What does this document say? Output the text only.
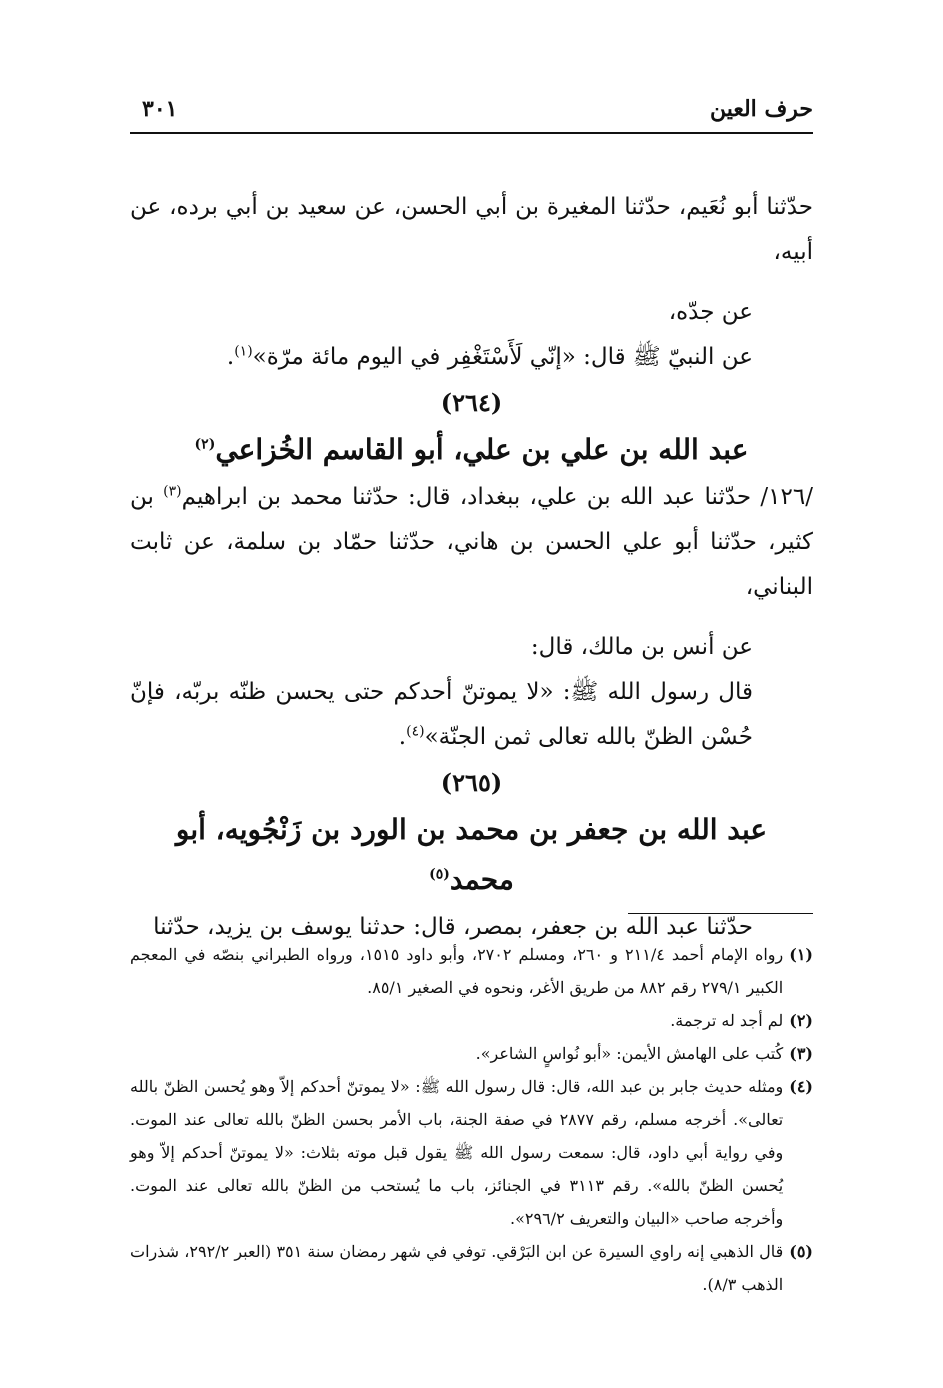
حرف العين
٣٠١

حدّثنا أبو نُعَيم، حدّثنا المغيرة بن أبي الحسن، عن سعيد بن أبي برده، عن أبيه،

عن جدّه،

عن النبيّ ﷺ قال: «إنّي لَأَسْتَغْفِر في اليوم مائة مرّة»$^{(١)}$.

(٢٦٤)

عبد الله بن علي بن علي، أبو القاسم الخُزاعي$^{(٢)}$

/١٢٦/ حدّثنا عبد الله بن علي، ببغداد، قال: حدّثنا محمد بن ابراهيم$^{(٣)}$ بن كثير، حدّثنا أبو علي الحسن بن هاني، حدّثنا حمّاد بن سلمة، عن ثابت البناني،

عن أنس بن مالك، قال:

قال رسول الله ﷺ: «لا يموتنّ أحدكم حتى يحسن ظنّه بربّه، فإنّ حُسْن الظنّ بالله تعالى ثمن الجنّة»$^{(٤)}$.

(٢٦٥)

عبد الله بن جعفر بن محمد بن الورد بن زَنْجُويه، أبو محمد$^{(٥)}$

حدّثنا عبد الله بن جعفر، بمصر، قال: حدثنا يوسف بن يزيد، حدّثنا

(١)
رواه الإمام أحمد ٢١١/٤ و ٢٦٠، ومسلم ٢٧٠٢، وأبو داود ١٥١٥، ورواه الطبراني بنصّه في المعجم الكبير ٢٧٩/١ رقم ٨٨٢ من طريق الأغر، ونحوه في الصغير ٨٥/١.

(٢)
لم أجد له ترجمة.

(٣)
كُتب على الهامش الأيمن: «أبو نُواسٍ الشاعر».

(٤)
ومثله حديث جابر بن عبد الله، قال: قال رسول الله ﷺ: «لا يموتنّ أحدكم إلاّ وهو يُحسن الظنّ بالله تعالى». أخرجه مسلم، رقم ٢٨٧٧ في صفة الجنة، باب الأمر بحسن الظنّ بالله تعالى عند الموت. وفي رواية أبي داود، قال: سمعت رسول الله ﷺ يقول قبل موته بثلاث: «لا يموتنّ أحدكم إلاّ وهو يُحسن الظنّ بالله». رقم ٣١١٣ في الجنائز، باب ما يُستحب من الظنّ بالله تعالى عند الموت. وأخرجه صاحب «البيان والتعريف ٢٩٦/٢».

(٥)
قال الذهبي إنه راوي السيرة عن ابن البَرْقي. توفي في شهر رمضان سنة ٣٥١ (العبر ٢٩٢/٢، شذرات الذهب ٨/٣).
